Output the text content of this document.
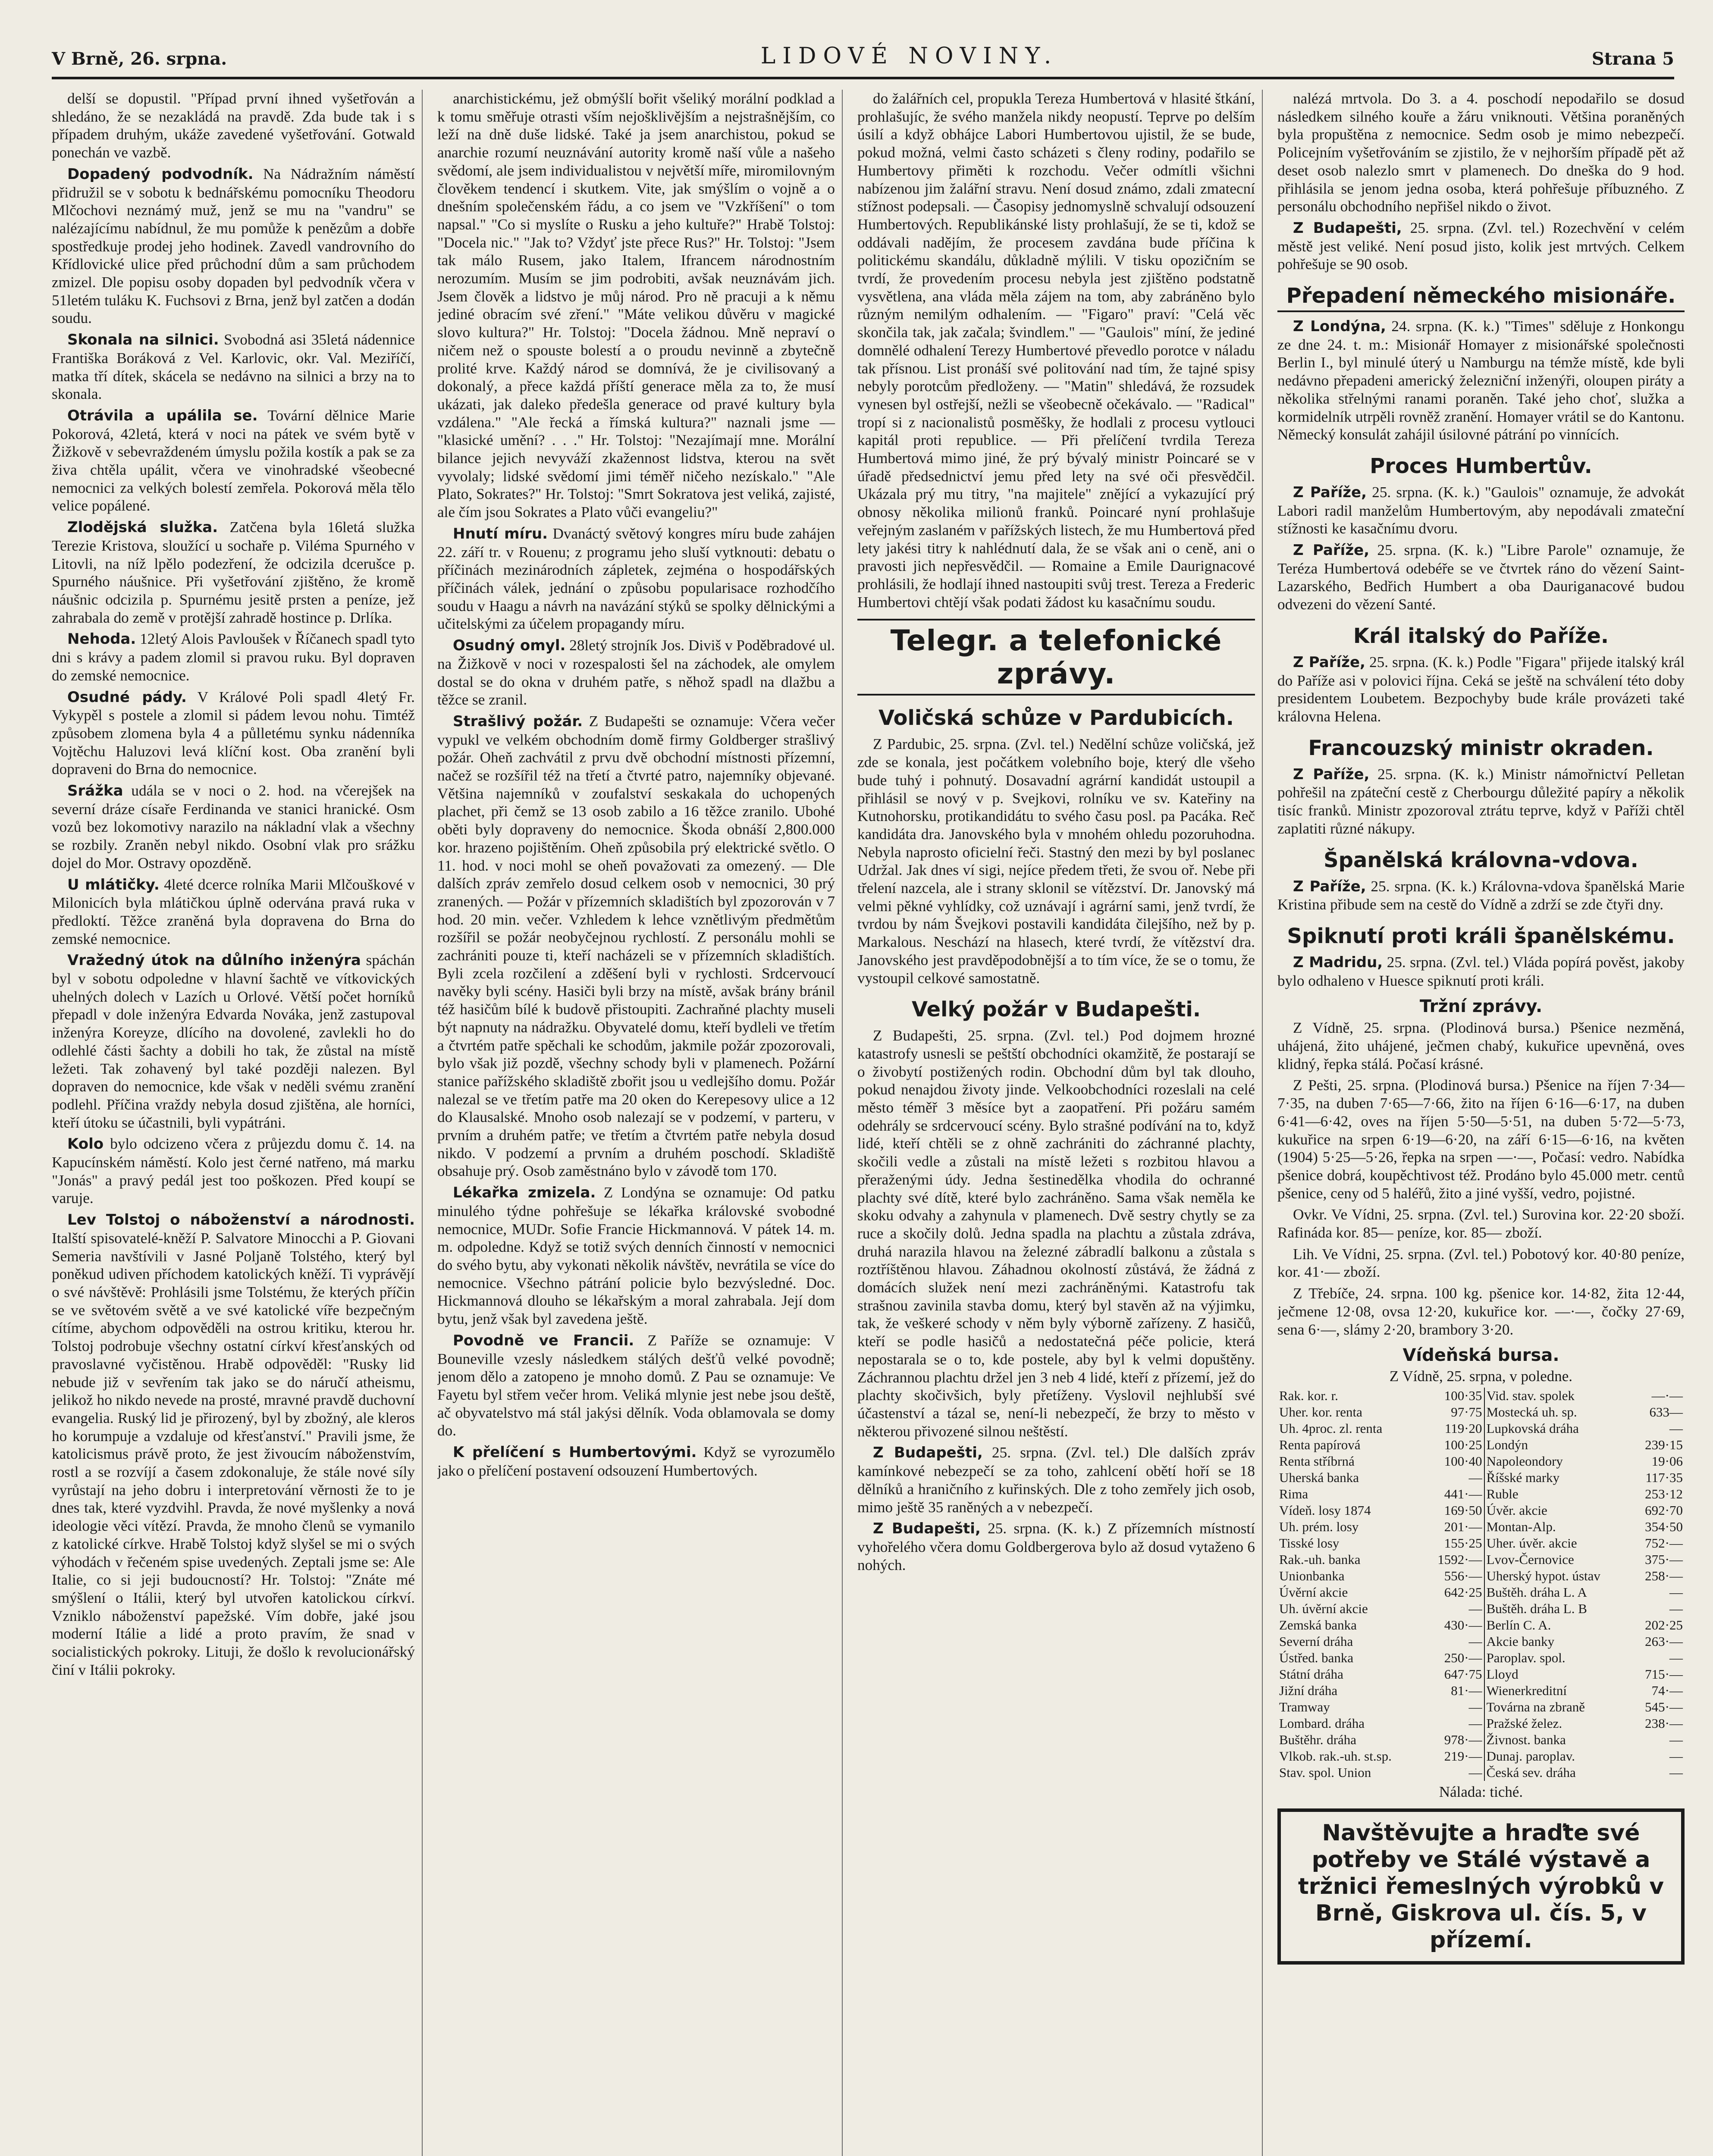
V Brně, 26. srpna.	LIDOVÉ NOVINY.	Strana 5

delší se dopustil. "Případ první ihned vyšetřován a shledáno, že se nezakládá na pravdě. Zda bude tak i s případem druhým, ukáže zavedené vyšetřování. Gotwald ponechán ve vazbě.

Dopadený podvodník. Na Nádražním náměstí přidružil se v sobotu k bednářskému pomocníku Theodoru Mlčochovi neznámý muž, jenž se mu na "vandru" se nalézajícímu nabídnul, že mu pomůže k penězům a dobře spostředkuje prodej jeho hodinek. Zavedl vandrovního do Křídlovické ulice před průchodní dům a sam průchodem zmizel. Dle popisu osoby dopaden byl pedvodník včera v 51letém tuláku K. Fuchsovi z Brna, jenž byl zatčen a dodán soudu.

Skonala na silnici. Svobodná asi 35letá nádennice Františka Boráková z Vel. Karlovic, okr. Val. Meziříčí, matka tří dítek, skácela se nedávno na silnici a brzy na to skonala.

Otrávila a upálila se. Tovární dělnice Marie Pokorová, 42letá, která v noci na pátek ve svém bytě v Žižkově v sebevraždeném úmyslu požila kostík a pak se za živa chtěla upálit, včera ve vinohradské všeobecné nemocnici za velkých bolestí zemřela. Pokorová měla tělo velice popálené.

Zlodějská služka. Zatčena byla 16letá služka Terezie Kristova, sloužící u sochaře p. Viléma Spurného v Litovli, na níž lpělo podezření, že odcizila dcerušce p. Spurného náušnice. Při vyšetřování zjištěno, že kromě náušnic odcizila p. Spurnému jesitě prsten a peníze, jež zahrabala do země v protější zahradě hostince p. Drlíka.

Nehoda. 12letý Alois Pavloušek v Říčanech spadl tyto dni s krávy a padem zlomil si pravou ruku. Byl dopraven do zemské nemocnice.

Osudné pády. V Králové Poli spadl 4letý Fr. Vykypěl s postele a zlomil si pádem levou nohu. Timtéž způsobem zlomena byla 4 a půlletému synku nádenníka Vojtěchu Haluzovi levá klíční kost. Oba zranění byli dopraveni do Brna do nemocnice.

Srážka udála se v noci o 2. hod. na včerejšek na severní dráze císaře Ferdinanda ve stanici hranické. Osm vozů bez lokomotivy narazilo na nákladní vlak a všechny se rozbily. Zraněn nebyl nikdo. Osobní vlak pro srážku dojel do Mor. Ostravy opozděně.

U mlátičky. 4leté dcerce rolníka Marii Mlčouškové v Milonicích byla mlátičkou úplně odervána pravá ruka v předloktí. Těžce zraněná byla dopravena do Brna do zemské nemocnice.

Vražedný útok na důlního inženýra spáchán byl v sobotu odpoledne v hlavní šachtě ve vítkovických uhelných dolech v Lazích u Orlové. Větší počet horníků přepadl v dole inženýra Edvarda Nováka, jenž zastupoval inženýra Koreyze, dlícího na dovolené, zavlekli ho do odlehlé části šachty a dobili ho tak, že zůstal na místě ležeti. Tak zohavený byl také později nalezen. Byl dopraven do nemocnice, kde však v neděli svému zranění podlehl. Příčina vraždy nebyla dosud zjištěna, ale horníci, kteří útoku se účastnili, byli vypátráni.

Kolo bylo odcizeno včera z průjezdu domu č. 14. na Kapucínském náměstí. Kolo jest černé natřeno, má marku "Jonás" a pravý pedál jest too poškozen. Před koupí se varuje.

Lev Tolstoj o náboženství a národnosti. Italští spisovatelé-kněží P. Salvatore Minocchi a P. Giovani Semeria navštívili v Jasné Poljaně Tolstého, který byl poněkud udiven příchodem katolických kněží. Ti vyprávějí o své návštěvě: Prohlásili jsme Tolstému, že kterých příčin se ve světovém světě a ve své katolické víře bezpečným cítíme, abychom odpověděli na ostrou kritiku, kterou hr. Tolstoj podrobuje všechny ostatní církví křesťanských od pravoslavné vyčistěnou. Hrabě odpověděl: "Rusky lid nebude již v sevřením tak jako se do náručí atheismu, jelikož ho nikdo nevede na prosté, mravné pravdě duchovní evangelia. Ruský lid je přirozený, byl by zbožný, ale kleros ho korumpuje a vzdaluje od křesťanství." Pravili jsme, že katolicismus právě proto, že jest živoucím náboženstvím, rostl a se rozvíjí a časem zdokonaluje, že stále nové síly vyrůstají na jeho dobru i interpretování věrnosti že to je dnes tak, které vyzdvihl. Pravda, že nové myšlenky a nová ideologie věci vítězí. Pravda, že mnoho členů se vymanilo z katolické církve. Hrabě Tolstoj když slyšel se mi o svých výhodách v řečeném spise uvedených. Zeptali jsme se: Ale Italie, co si jeji budoucností? Hr. Tolstoj: "Znáte mé smýšlení o Itálii, který byl utvořen katolickou církví. Vzniklo náboženství papežské. Vím dobře, jaké jsou moderní Itálie a lidé a proto pravím, že snad v socialistických pokroky. Lituji, že došlo k revolucionářský činí v Itálii pokroky.

anarchistickému, jež obmýšlí bořit všeliký morální podklad a k tomu směřuje otrasti vším nejošklivějším a nejstrašnějším, co leží na dně duše lidské. Také ja jsem anarchistou, pokud se anarchie rozumí neuznávání autority kromě naší vůle a našeho svědomí, ale jsem individualistou v největší míře, miromilovným člověkem tendencí i skutkem. Vite, jak smýšlím o vojně a o dnešním společenském řádu, a co jsem ve "Vzkříšení" o tom napsal." "Co si myslíte o Rusku a jeho kultuře?" Hrabě Tolstoj: "Docela nic." "Jak to? Vždyť jste přece Rus?" Hr. Tolstoj: "Jsem tak málo Rusem, jako Italem, Ifrancem národnostním nerozumím. Musím se jim podrobiti, avšak neuznávám jich. Jsem člověk a lidstvo je můj národ. Pro ně pracuji a k němu jediné obracím své zření." "Máte velikou důvěru v magické slovo kultura?" Hr. Tolstoj: "Docela žádnou. Mně nepraví o ničem než o spouste bolestí a o proudu nevinně a zbytečně prolité krve. Každý národ se domnívá, že je civilisovaný a dokonalý, a přece každá příští generace měla za to, že musí ukázati, jak daleko předešla generace od pravé kultury byla vzdálena." "Ale řecká a římská kultura?" naznali jsme — "klasické umění? . . ." Hr. Tolstoj: "Nezajímají mne. Morální bilance jejich nevyváží zkažennost lidstva, kterou na svět vyvolaly; lidské svědomí jimi téměř ničeho nezískalo." "Ale Plato, Sokrates?" Hr. Tolstoj: "Smrt Sokratova jest veliká, zajisté, ale čím jsou Sokrates a Plato vůči evangeliu?"

Hnutí míru. Dvanáctý světový kongres míru bude zahájen 22. září tr. v Rouenu; z programu jeho sluší vytknouti: debatu o příčinách mezinárodních zápletek, zejména o hospodářských příčinách válek, jednání o způsobu popularisace rozhodčího soudu v Haagu a návrh na navázání stýků se spolky dělnickými a učitelskými za účelem propagandy míru.

Osudný omyl. 28letý strojník Jos. Diviš v Poděbradové ul. na Žižkově v noci v rozespalosti šel na záchodek, ale omylem dostal se do okna v druhém patře, s něhož spadl na dlažbu a těžce se zranil.

Strašlivý požár. Z Budapešti se oznamuje: Včera večer vypukl ve velkém obchodním domě firmy Goldberger strašlivý požár. Oheň zachvátil z prvu dvě obchodní místnosti přízemní, načež se rozšířil též na třetí a čtvrté patro, najemníky objevané. Většina najemníků v zoufalství seskakala do uchopených plachet, při čemž se 13 osob zabilo a 16 těžce zranilo. Ubohé oběti byly dopraveny do nemocnice. Škoda obnáší 2,800.000 kor. hrazeno pojištěním. Oheň způsobila prý elektrické světlo. O 11. hod. v noci mohl se oheň považovati za omezený. — Dle dalších zpráv zemřelo dosud celkem osob v nemocnici, 30 prý zranených. — Požár v přízemních skladištích byl zpozorován v 7 hod. 20 min. večer. Vzhledem k lehce vznětlivým předmětům rozšířil se požár neobyčejnou rychlostí. Z personálu mohli se zachrániti pouze ti, kteří nacházeli se v přízemních skladištích. Byli zcela rozčilení a zděšení byli v rychlosti. Srdcervoucí navěky byli scény. Hasiči byli brzy na místě, avšak brány bránil též hasičům bílé k budově přistoupiti. Zachraňné plachty museli být napnuty na nádražku. Obyvatelé domu, kteří bydleli ve třetím a čtvrtém patře spěchali ke schodům, jakmile požár zpozorovali, bylo však již pozdě, všechny schody byli v plamenech. Požární stanice pařížského skladiště zbořit jsou u vedlejšího domu. Požár nalezal se ve třetím patře ma 20 oken do Kerepesovy ulice a 12 do Klausalské. Mnoho osob nalezají se v podzemí, v parteru, v prvním a druhém patře; ve třetím a čtvrtém patře nebyla dosud nikdo. V podzemí a prvním a druhém poschodí. Skladiště obsahuje prý. Osob zaměstnáno bylo v závodě tom 170.

Lékařka zmizela. Z Londýna se oznamuje: Od patku minulého týdne pohřešuje se lékařka královské svobodné nemocnice, MUDr. Sofie Francie Hickmannová. V pátek 14. m. m. odpoledne. Když se totiž svých denních činností v nemocnici do svého bytu, aby vykonati několik návštěv, nevrátila se více do nemocnice. Všechno pátrání policie bylo bezvýsledné. Doc. Hickmannová dlouho se lékařským a moral zahrabala. Její dom bytu, jenž však byl zavedena ještě.

Povodně ve Francii. Z Paříže se oznamuje: V Bouneville vzesly následkem stálých dešťů velké povodně; jenom dělo a zatopeno je mnoho domů. Z Pau se oznamuje: Ve Fayetu byl střem večer hrom. Veliká mlynie jest nebe jsou deště, ač obyvatelstvo má stál jakýsi dělník. Voda oblamovala se domy do.

K přelíčení s Humbertovými. Když se vyrozumělo jako o přelíčení postavení odsouzení Humbertových.

do žalářních cel, propukla Tereza Humbertová v hlasité štkání, prohlašujíc, že svého manžela nikdy neopustí. Teprve po delším úsilí a když obhájce Labori Humbertovou ujistil, že se bude, pokud možná, velmi často scházeti s členy rodiny, podařilo se Humbertovy přiměti k rozchodu. Večer odmítli všichni nabízenou jim žalářní stravu. Není dosud známo, zdali zmatecní stížnost podepsali. — Časopisy jednomyslně schvalují odsouzení Humbertových. Republikánské listy prohlašují, že se ti, kdož se oddávali nadějím, že procesem zavdána bude příčina k politickému skandálu, důkladně mýlili. V tisku opozičním se tvrdí, že provedením procesu nebyla jest zjištěno podstatně vysvětlena, ana vláda měla zájem na tom, aby zabráněno bylo různým nemilým odhalením. — "Figaro" praví: "Celá věc skončila tak, jak začala; švindlem." — "Gaulois" míní, že jediné domnělé odhalení Terezy Humbertové převedlo porotce v náladu tak přísnou. List pronáší své politování nad tím, že tajné spisy nebyly porotcům předloženy. — "Matin" shledává, že rozsudek vynesen byl ostřejší, nežli se všeobecně očekávalo. — "Radical" tropí si z nacionalistů posměšky, že hodlali z procesu vytlouci kapitál proti republice. — Při přelíčení tvrdila Tereza Humbertová mimo jiné, že prý bývalý ministr Poincaré se v úřadě předsednictví jemu před lety na své oči přesvědčil. Ukázala prý mu titry, "na majitele" znějící a vykazující prý obnosy několika milionů franků. Poincaré nyní prohlašuje veřejným zaslaném v pařížských listech, že mu Humbertová před lety jakési titry k nahlédnutí dala, že se však ani o ceně, ani o pravosti jich nepřesvědčil. — Romaine a Emile Daurignacové prohlásili, že hodlají ihned nastoupiti svůj trest. Tereza a Frederic Humbertovi chtějí však podati žádost ku kasačnímu soudu.

Telegr. a telefonické zprávy.
Voličská schůze v Pardubicích.

Z Pardubic, 25. srpna. (Zvl. tel.) Nedělní schůze voličská, jež zde se konala, jest počátkem volebního boje, který dle všeho bude tuhý i pohnutý. Dosavadní agrární kandidát ustoupil a přihlásil se nový v p. Svejkovi, rolníku ve sv. Kateřiny na Kutnohorsku, protikandidátu to svého času posl. pa Pacáka. Reč kandidáta dra. Janovského byla v mnohém ohledu pozoruhodna. Nebyla naprosto oficielní řeči. Stastný den mezi by byl poslanec Udržal. Jak dnes ví sigi, nejíce předem třeti, že svou oř. Nebe při třelení nazcela, ale i strany sklonil se vítězství. Dr. Janovský má velmi pěkné vyhlídky, což uznávají i agrární sami, jenž tvrdí, že tvrdou by nám Švejkovi postavili kandidáta čilejšího, než by p. Markalous. Neschází na hlasech, které tvrdí, že vítězství dra. Janovského jest pravděpodobnější a to tím více, že se o tomu, že vystoupil celkové samostatně.

Velký požár v Budapešti.

Z Budapešti, 25. srpna. (Zvl. tel.) Pod dojmem hrozné katastrofy usnesli se peštští obchodníci okamžitě, že postarají se o živobytí postižených rodin. Obchodní dům byl tak dlouho, pokud nenajdou životy jinde. Velkoobchodníci rozeslali na celé město téměř 3 měsíce byt a zaopatření. Při požáru samém odehrály se srdcervoucí scény. Bylo strašné podívání na to, když lidé, kteří chtěli se z ohně zachrániti do záchranné plachty, skočili vedle a zůstali na místě ležeti s rozbitou hlavou a přeraženými údy. Jedna šestinedělka vhodila do ochranné plachty své dítě, které bylo zachráněno. Sama však neměla ke skoku odvahy a zahynula v plamenech. Dvě sestry chytly se za ruce a skočily dolů. Jedna spadla na plachtu a zůstala zdráva, druhá narazila hlavou na železné zábradlí balkonu a zůstala s roztříštěnou hlavou. Záhadnou okolností zůstává, že žádná z domácích služek není mezi zachráněnými. Katastrofu tak strašnou zavinila stavba domu, který byl stavěn až na výjimku, tak, že veškeré schody v něm byly výborně zařízeny. Z hasičů, kteří se podle hasičů a nedostatečná péče policie, která nepostarala se o to, kde postele, aby byl k velmi dopuštěny. Záchrannou plachtu držel jen 3 neb 4 lidé, kteří z přízemí, jež do plachty skočivšich, byly přetíženy. Vyslovil nejhlubší své účastenství a tázal se, není-li nebezpečí, že brzy to město v některou přivozené silnou neštěstí.

Z Budapešti, 25. srpna. (Zvl. tel.) Dle dalších zpráv kamínkové nebezpečí se za toho, zahlcení obětí hoří se 18 dělníků a hraničního z kuřinských. Dle z toho zemřely jich osob, mimo ještě 35 raněných a v nebezpečí.

Z Budapešti, 25. srpna. (K. k.) Z přízemních místností vyhořelého včera domu Goldbergerova bylo až dosud vytaženo 6 nohých.

nalézá mrtvola. Do 3. a 4. poschodí nepodařilo se dosud následkem silného kouře a žáru vniknouti. Většina poraněných byla propuštěna z nemocnice. Sedm osob je mimo nebezpečí. Policejním vyšetřováním se zjistilo, že v nejhorším případě pět až deset osob nalezlo smrt v plamenech. Do dneška do 9 hod. přihlásila se jenom jedna osoba, která pohřešuje příbuzného. Z personálu obchodního nepřišel nikdo o život.

Z Budapešti, 25. srpna. (Zvl. tel.) Rozechvění v celém městě jest veliké. Není posud jisto, kolik jest mrtvých. Celkem pohřešuje se 90 osob.

Přepadení německého misionáře.

Z Londýna, 24. srpna. (K. k.) "Times" sděluje z Honkongu ze dne 24. t. m.: Misionář Homayer z misionářské společnosti Berlin I., byl minulé úterý u Namburgu na témže místě, kde byli nedávno přepadeni americký železniční inženýři, oloupen piráty a několika střelnými ranami poraněn. Také jeho choť, služka a kormidelník utrpěli rovněž zranění. Homayer vrátil se do Kantonu. Německý konsulát zahájil úsilovné pátrání po vinnících.

Proces Humbertův.

Z Paříže, 25. srpna. (K. k.) "Gaulois" oznamuje, že advokát Labori radil manželům Humbertovým, aby nepodávali zmateční stížnosti ke kasačnímu dvoru.

Z Paříže, 25. srpna. (K. k.) "Libre Parole" oznamuje, že Teréza Humbertová odebéře se ve čtvrtek ráno do vězení Saint-Lazarského, Bedřich Humbert a oba Dauriganacové budou odvezeni do vězení Santé.

Král italský do Paříže.

Z Paříže, 25. srpna. (K. k.) Podle "Figara" přijede italský král do Paříže asi v polovici října. Ceká se ještě na schválení této doby presidentem Loubetem. Bezpochyby bude krále provázeti také královna Helena.

Francouzský ministr okraden.

Z Paříže, 25. srpna. (K. k.) Ministr námořnictví Pelletan pohřešil na zpáteční cestě z Cherbourgu důležité papíry a několik tisíc franků. Ministr zpozoroval ztrátu teprve, když v Paříži chtěl zaplatiti různé nákupy.

Španělská královna-vdova.

Z Paříže, 25. srpna. (K. k.) Královna-vdova španělská Marie Kristina přibude sem na cestě do Vídně a zdrží se zde čtyři dny.

Spiknutí proti králi španělskému.

Z Madridu, 25. srpna. (Zvl. tel.) Vláda popírá pověst, jakoby bylo odhaleno v Huesce spiknutí proti králi.

Tržní zprávy.

Z Vídně, 25. srpna. (Plodinová bursa.) Pšenice nezměná, uhájená, žito uhájené, ječmen chabý, kukuřice upevněná, oves klidný, řepka stálá. Počasí krásné.

Z Pešti, 25. srpna. (Plodinová bursa.) Pšenice na říjen 7·34—7·35, na duben 7·65—7·66, žito na říjen 6·16—6·17, na duben 6·41—6·42, oves na říjen 5·50—5·51, na duben 5·72—5·73, kukuřice na srpen 6·19—6·20, na září 6·15—6·16, na květen (1904) 5·25—5·26, řepka na srpen —·—, Počasí: vedro. Nabídka pšenice dobrá, koupěchtivost též. Prodáno bylo 45.000 metr. centů pšenice, ceny od 5 haléřů, žito a jiné vyšší, vedro, pojistné.

Ovkr. Ve Vídni, 25. srpna. (Zvl. tel.) Surovina kor. 22·20 sboží. Rafináda kor. 85— peníze, kor. 85— zboží.

Lih. Ve Vídni, 25. srpna. (Zvl. tel.) Pobotový kor. 40·80 peníze, kor. 41·— zboží.

Z Třebíče, 24. srpna. 100 kg. pšenice kor. 14·82, žita 12·44, ječmene 12·08, ovsa 12·20, kukuřice kor. —·—, čočky 27·69, sena 6·—, slámy 2·20, brambory 3·20.

Vídeňská bursa.
Z Vídně, 25. srpna, v poledne.
Rak. kor. r.	100·35	Vid. stav. spolek	—·—
Uher. kor. renta	97·75	Mostecká uh. sp.	633—
Uh. 4proc. zl. renta	119·20	Lupkovská dráha	—
Renta papírová	100·25	Londýn	239·15
Renta stříbrná	100·40	Napoleondory	19·06
Uherská banka	—	Říšské marky	117·35
Rima	441·—	Ruble	253·12
Vídeň. losy 1874	169·50	Úvěr. akcie	692·70
Uh. prém. losy	201·—	Montan-Alp.	354·50
Tisské losy	155·25	Uher. úvěr. akcie	752·—
Rak.-uh. banka	1592·—	Lvov-Černovice	375·—
Unionbanka	556·—	Uherský hypot. ústav	258·—
Úvěrní akcie	642·25	Buštěh. dráha L. A	—
Uh. úvěrní akcie	—	Buštěh. dráha L. B	—
Zemská banka	430·—	Berlín C. A.	202·25
Severní dráha	—	Akcie banky	263·—
Ústřed. banka	250·—	Paroplav. spol.	—
Státní dráha	647·75	Lloyd	715·—
Jižní dráha	81·—	Wienerkreditní	74·—
Tramway	—	Továrna na zbraně	545·—
Lombard. dráha	—	Pražské želez.	238·—
Buštěhr. dráha	978·—	Živnost. banka	—
Vlkob. rak.-uh. st.sp.	219·—	Dunaj. paroplav.	—
Stav. spol. Union	—	Česká sev. dráha	—
Nálada: tiché.
Navštěvujte a hraďte své potřeby ve Stálé výstavě a tržnici řemeslných výrobků v Brně, Giskrova ul. čís. 5, v přízemí.
